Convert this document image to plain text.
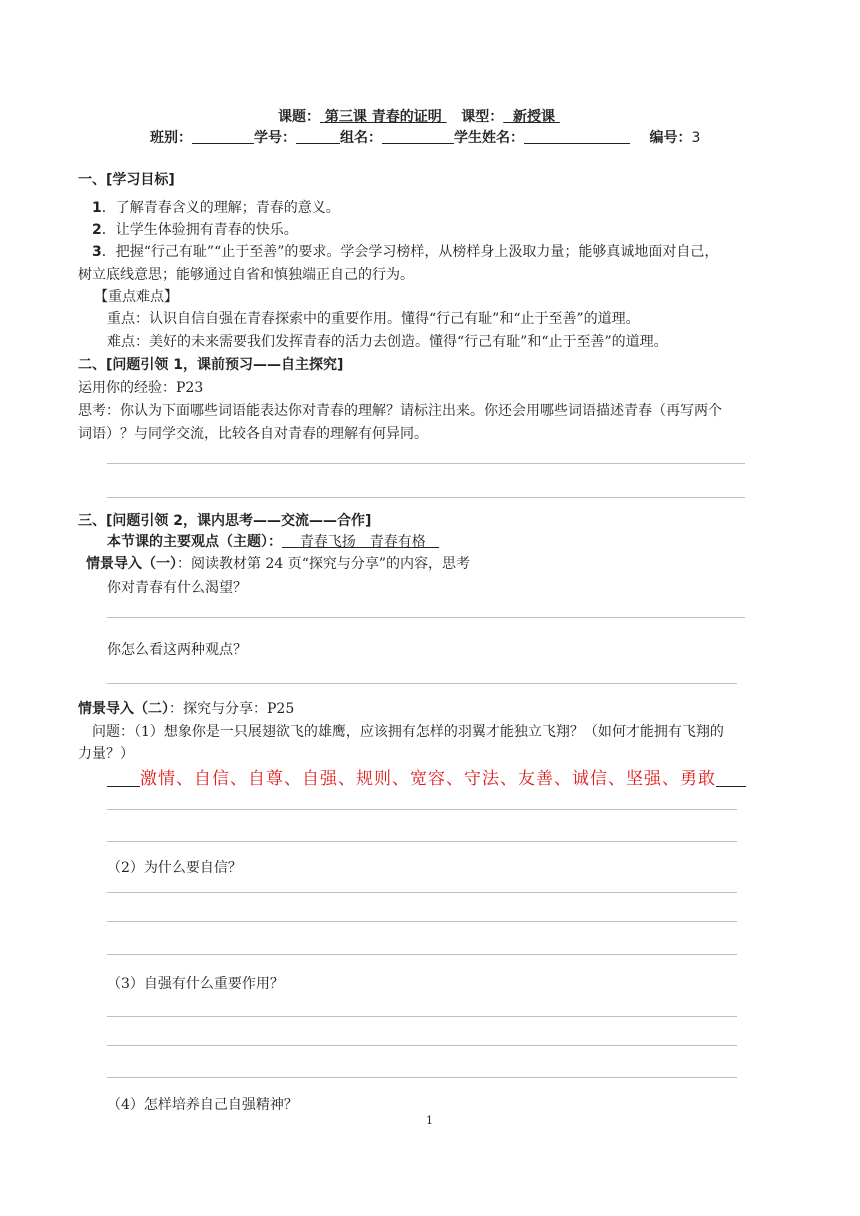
课题： 第三课 青春的证明 课型： 新授课
班别：	学号：	组名：	学生姓名：	编号：3
一、[学习目标]
1．了解青春含义的理解；青春的意义。
2．让学生体验拥有青春的快乐。
3．把握“行己有耻”“止于至善”的要求。学会学习榜样，从榜样身上汲取力量；能够真诚地面对自己，
树立底线意思；能够通过自省和慎独端正自己的行为。
【重点难点】
重点：认识自信自强在青春探索中的重要作用。懂得“行己有耻”和“止于至善”的道理。
难点：美好的未来需要我们发挥青春的活力去创造。懂得“行己有耻”和“止于至善”的道理。
二、[问题引领 1，课前预习——自主探究]
运用你的经验：P23
思考：你认为下面哪些词语能表达你对青春的理解？请标注出来。你还会用哪些词语描述青春（再写两个
词语）？与同学交流，比较各自对青春的理解有何异同。
三、[问题引领 2，课内思考——交流——合作]
本节课的主要观点（主题）： 青春飞扬　青春有格
情景导入（一）：阅读教材第 24 页“探究与分享”的内容，思考
你对青春有什么渴望？
你怎么看这两种观点？
情景导入（二）：探究与分享：P25
问题：（1）想象你是一只展翅欲飞的雄鹰，应该拥有怎样的羽翼才能独立飞翔？（如何才能拥有飞翔的
力量？）
激情、自信、自尊、自强、规则、宽容、守法、友善、诚信、坚强、勇敢
（2）为什么要自信？
（3）自强有什么重要作用？
（4）怎样培养自己自强精神？
1
